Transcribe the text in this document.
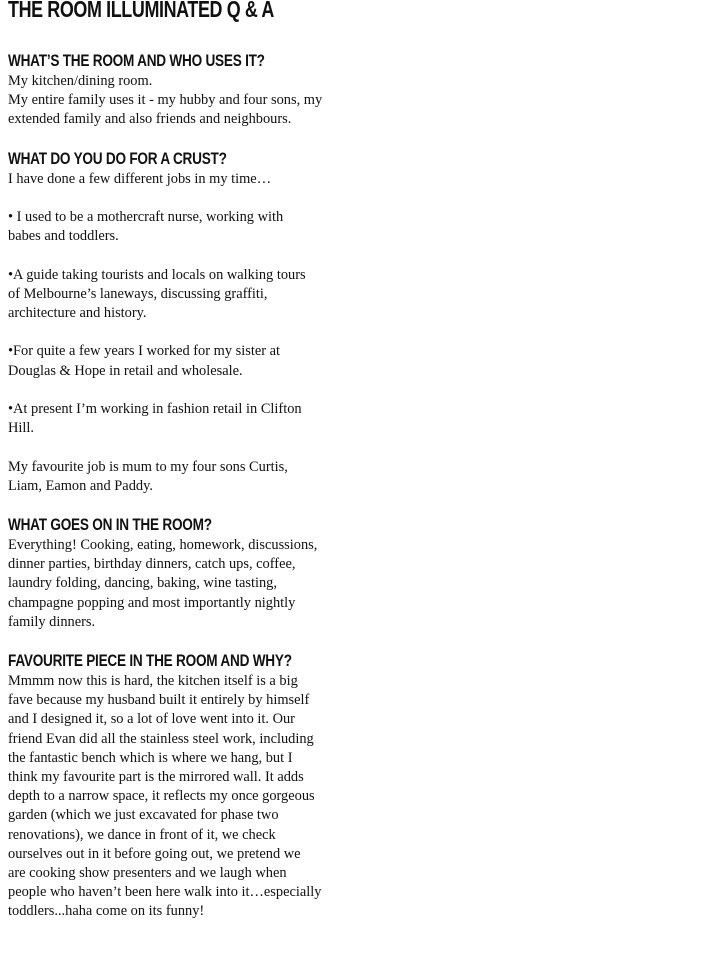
THE ROOM ILLUMINATED Q & A
WHAT’S THE ROOM AND WHO USES IT?
My kitchen/dining room.
My entire family uses it - my hubby and four sons, my
extended family and also friends and neighbours.
WHAT DO YOU DO FOR A CRUST?
I have done a few different jobs in my time…
• I used to be a mothercraft nurse, working with
babes and toddlers.
•A guide taking tourists and locals on walking tours
of Melbourne’s laneways, discussing graffiti,
architecture and history.
•For quite a few years I worked for my sister at
Douglas & Hope in retail and wholesale.
•At present I’m working in fashion retail in Clifton
Hill.
My favourite job is mum to my four sons Curtis,
Liam, Eamon and Paddy.
WHAT GOES ON IN THE ROOM?
Everything! Cooking, eating, homework, discussions,
dinner parties, birthday dinners, catch ups, coffee,
laundry folding, dancing, baking, wine tasting,
champagne popping and most importantly nightly
family dinners.
FAVOURITE PIECE IN THE ROOM AND WHY?
Mmmm now this is hard, the kitchen itself is a big
fave because my husband built it entirely by himself
and I designed it, so a lot of love went into it. Our
friend Evan did all the stainless steel work, including
the fantastic bench which is where we hang, but I
think my favourite part is the mirrored wall. It adds
depth to a narrow space, it reflects my once gorgeous
garden (which we just excavated for phase two
renovations), we dance in front of it, we check
ourselves out in it before going out, we pretend we
are cooking show presenters and we laugh when
people who haven’t been here walk into it…especially
toddlers...haha come on its funny!
